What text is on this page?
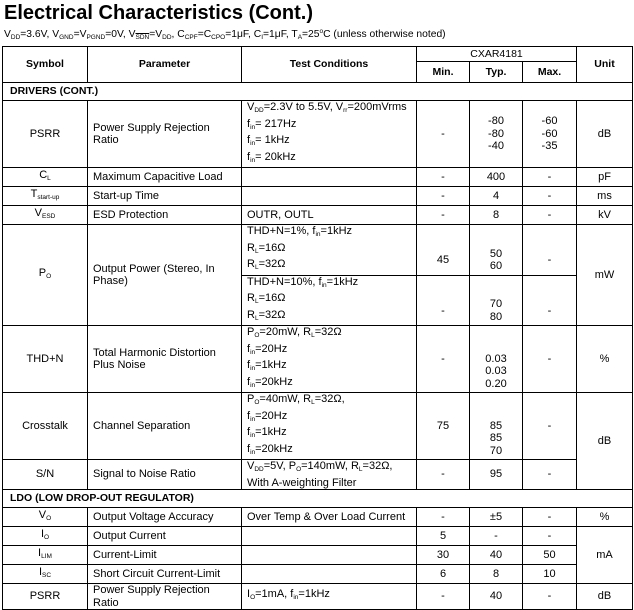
Electrical Characteristics (Cont.)
$V_{DD}=3.6V$, $V_{GND}=V_{PGND}=0V$, $V_{\overline{SDN}}=V_{DD}$, $C_{CPF}=C_{CPO}=1\mu F$, $C_I=1\mu F$, $T_A=25^oC$ (unless otherwise noted)
Symbol	Parameter	Test Conditions	CXAR4181			Unit
			Min.	Typ.	Max.	
DRIVERS (CONT.)						
PSRR	Power Supply Rejection Ratio	$V_{DD}=2.3V$ to 5.5V, $V_{rr}=200mVrms$
$f_{in}= 217Hz$
$f_{in}= 1kHz$
$f_{in}= 20kHz$	-	-80
-80
-40	-60
-60
-35	dB
$C_L$	Maximum Capacitive Load		-	400	-	pF
$T_{start-up}$	Start-up Time		-	4	-	ms
$V_{ESD}$	ESD Protection	OUTR, OUTL	-	8	-	kV
$P_O$	Output Power (Stereo, In Phase)	THD+N=1%, $f_{in}=1kHz$
$R_L=16\Omega$
$R_L=32\Omega$	45	50
60	-	mW

		THD+N=10%, $f_{in}=1kHz$
$R_L=16\Omega$
$R_L=32\Omega$	-	70
80	-	
THD+N	Total Harmonic Distortion Plus Noise	$P_O=20mW$, $R_L=32\Omega$
$f_{in}=20Hz$
$f_{in}=1kHz$
$f_{in}=20kHz$	-	0.03
0.03
0.20	-	%
Crosstalk	Channel Separation	$P_O=40mW$, $R_L=32\Omega$,
$f_{in}=20Hz$
$f_{in}=1kHz$
$f_{in}=20kHz$	75	85
85
70	-	dB
S/N	Signal to Noise Ratio	$V_{DD}=5V$, $P_O=140mW$, $R_L=32\Omega$,
With A-weighting Filter	-	95	-	
LDO (LOW DROP-OUT REGULATOR)						
$V_O$	Output Voltage Accuracy	Over Temp & Over Load Current	-	±5	-	%
$I_O$	Output Current		5	-	-	mA
$I_{LIM}$	Current-Limit		30	40	50	
$I_{SC}$	Short Circuit Current-Limit		6	8	10	
PSRR	Power Supply Rejection Ratio	$I_O=1mA$, $f_{in}=1kHz$	-	40	-	dB
